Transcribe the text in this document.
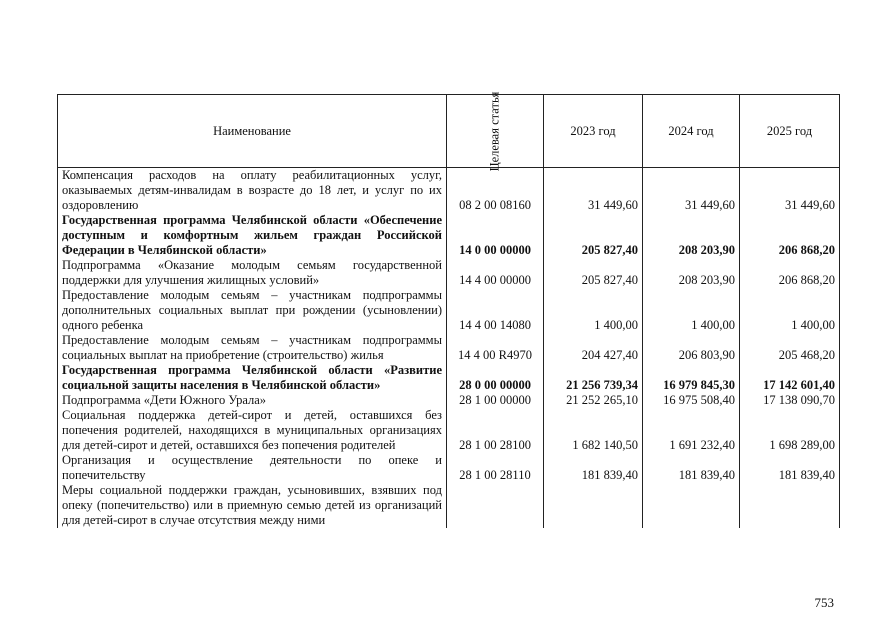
Наименование	Целевая статья	2023 год	2024 год	2025 год
Компенсация расходов на оплату реабилитационных услуг, оказываемых детям-инвалидам в возрасте до 18 лет, и услуг по их оздоровлению	08 2 00 08160	31 449,60	31 449,60	31 449,60
Государственная программа Челябинской области «Обеспечение доступным и комфортным жильем граждан Российской Федерации в Челябинской области»	14 0 00 00000	205 827,40	208 203,90	206 868,20
Подпрограмма «Оказание молодым семьям государственной поддержки для улучшения жилищных условий»	14 4 00 00000	205 827,40	208 203,90	206 868,20
Предоставление молодым семьям – участникам подпрограммы дополнительных социальных выплат при рождении (усыновлении) одного ребенка	14 4 00 14080	1 400,00	1 400,00	1 400,00
Предоставление молодым семьям – участникам подпрограммы социальных выплат на приобретение (строительство) жилья	14 4 00 R4970	204 427,40	206 803,90	205 468,20
Государственная программа Челябинской области «Развитие социальной защиты населения в Челябинской области»	28 0 00 00000	21 256 739,34	16 979 845,30	17 142 601,40
Подпрограмма «Дети Южного Урала»	28 1 00 00000	21 252 265,10	16 975 508,40	17 138 090,70
Социальная поддержка детей-сирот и детей, оставшихся без попечения родителей, находящихся в муниципальных организациях для детей-сирот и детей, оставшихся без попечения родителей	28 1 00 28100	1 682 140,50	1 691 232,40	1 698 289,00
Организация и осуществление деятельности по опеке и попечительству	28 1 00 28110	181 839,40	181 839,40	181 839,40
Меры социальной поддержки граждан, усыновивших, взявших под опеку (попечительство) или в приемную семью детей из организаций для детей-сирот в случае отсутствия между ними				
753
